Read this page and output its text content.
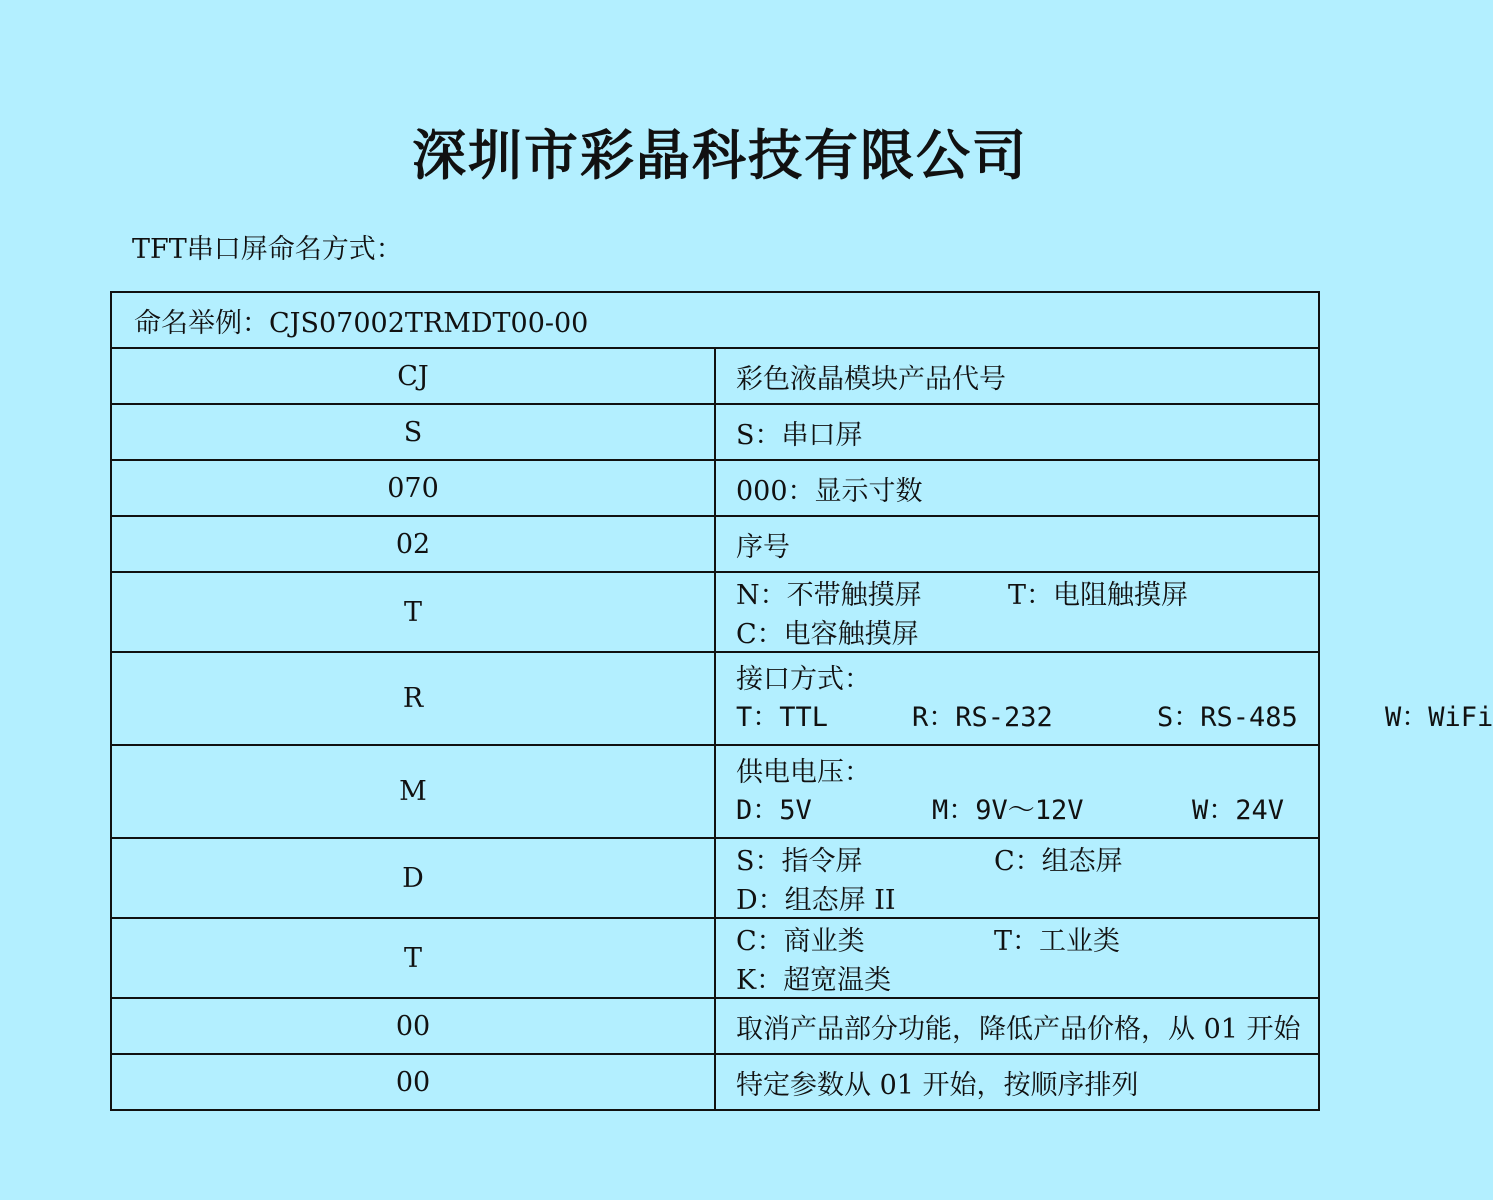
深圳市彩晶科技有限公司
TFT串口屏命名方式：
命名举例：CJS07002TRMDT00-00	
CJ	彩色液晶模块产品代号
S	S：串口屏
070	000：显示寸数
02	序号
T	N：不带触摸屏 T：电阻触摸屏C：电容触摸屏
R	接口方式：
T：TTL R：RS-232 S：RS-485 W：WiFi

M	供电电压：
D：5V M：9V～12V W：24V

D	S：指令屏 C：组态屏D：组态屏 II
T	C：商业类 T：工业类K：超宽温类
00	取消产品部分功能，降低产品价格，从 01 开始
00	特定参数从 01 开始，按顺序排列
